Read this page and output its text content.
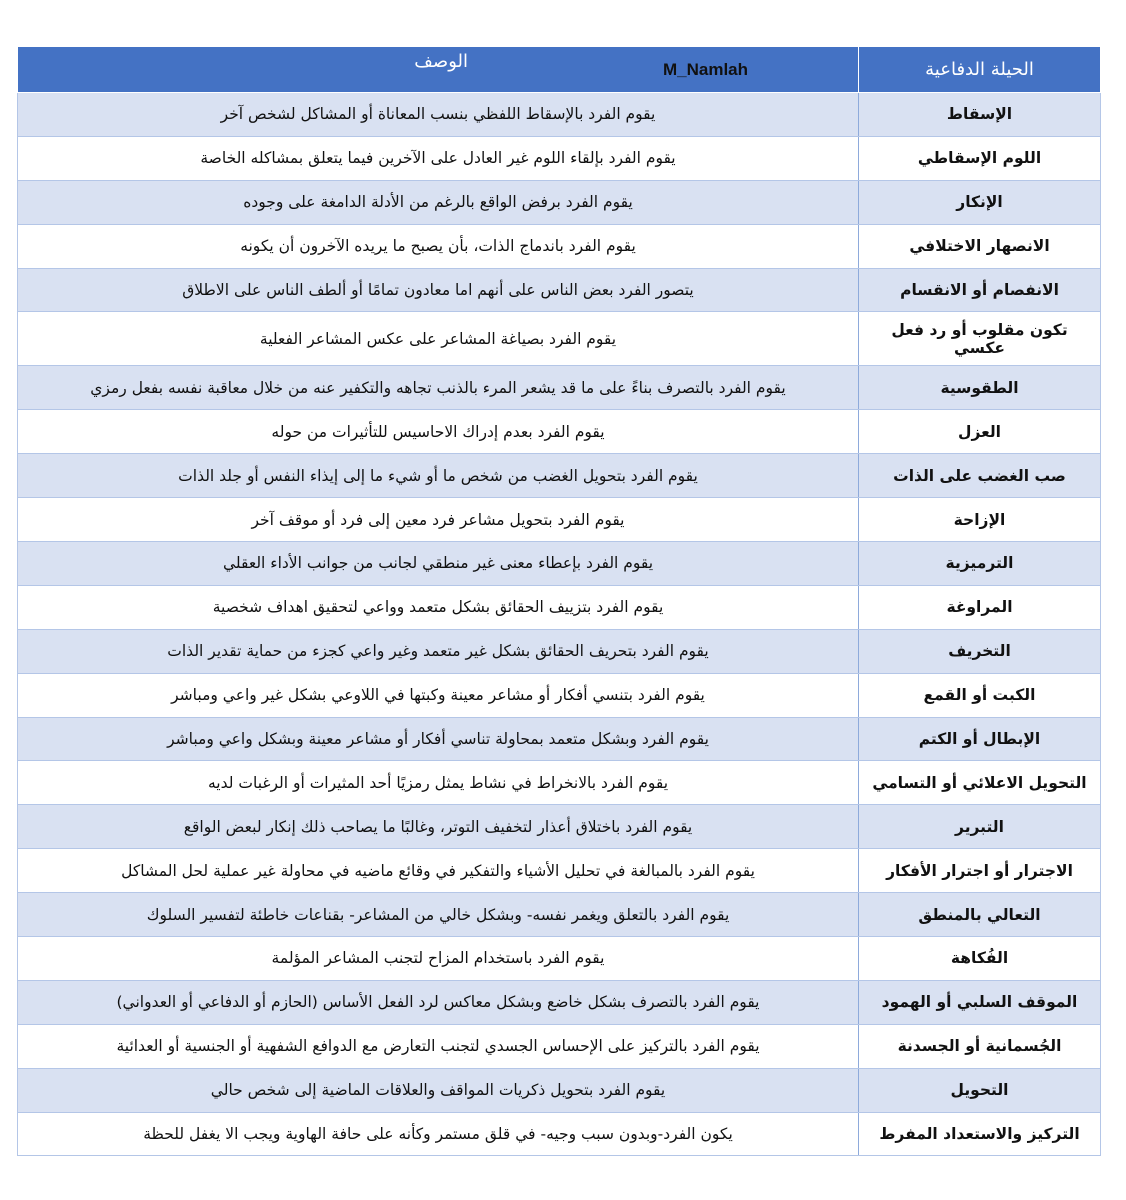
الحيلة الدفاعية	الوصف M_Namlah

الإسقاط	يقوم الفرد بالإسقاط اللفظي بنسب المعاناة أو المشاكل لشخص آخر
اللوم الإسقاطي	يقوم الفرد بإلقاء اللوم غير العادل على الآخرين فيما يتعلق بمشاكله الخاصة
الإنكار	يقوم الفرد برفض الواقع بالرغم من الأدلة الدامغة على وجوده
الانصهار الاختلافي	يقوم الفرد باندماج الذات، بأن يصبح ما يريده الآخرون أن يكونه
الانفصام أو الانقسام	يتصور الفرد بعض الناس على أنهم اما معادون تمامًا أو ألطف الناس على الاطلاق
تكون مقلوب أو رد فعل عكسي	يقوم الفرد بصياغة المشاعر على عكس المشاعر الفعلية
الطقوسية	يقوم الفرد بالتصرف بناءً على ما قد يشعر المرء بالذنب تجاهه والتكفير عنه من خلال معاقبة نفسه بفعل رمزي
العزل	يقوم الفرد بعدم إدراك الاحاسيس للتأثيرات من حوله
صب الغضب على الذات	يقوم الفرد بتحويل الغضب من شخص ما أو شيء ما إلى إيذاء النفس أو جلد الذات
الإزاحة	يقوم الفرد بتحويل مشاعر فرد معين إلى فرد أو موقف آخر
الترميزية	يقوم الفرد بإعطاء معنى غير منطقي لجانب من جوانب الأداء العقلي
المراوغة	يقوم الفرد بتزييف الحقائق بشكل متعمد وواعي لتحقيق اهداف شخصية
التخريف	يقوم الفرد بتحريف الحقائق بشكل غير متعمد وغير واعي كجزء من حماية تقدير الذات
الكبت أو القمع	يقوم الفرد بتنسي أفكار أو مشاعر معينة وكبتها في اللاوعي بشكل غير واعي ومباشر
الإبطال أو الكتم	يقوم الفرد وبشكل متعمد بمحاولة تناسي أفكار أو مشاعر معينة وبشكل واعي ومباشر
التحويل الاعلائي أو التسامي	يقوم الفرد بالانخراط في نشاط يمثل رمزيًا أحد المثيرات أو الرغبات لديه
التبرير	يقوم الفرد باختلاق أعذار لتخفيف التوتر، وغالبًا ما يصاحب ذلك إنكار لبعض الواقع
الاجترار أو اجترار الأفكار	يقوم الفرد بالمبالغة في تحليل الأشياء والتفكير في وقائع ماضيه في محاولة غير عملية لحل المشاكل
التعالي بالمنطق	يقوم الفرد بالتعلق ويغمر نفسه- وبشكل خالي من المشاعر- بقناعات خاطئة لتفسير السلوك
الفُكاهة	يقوم الفرد باستخدام المزاح لتجنب المشاعر المؤلمة
الموقف السلبي أو الهمود	يقوم الفرد بالتصرف بشكل خاضع وبشكل معاكس لرد الفعل الأساس (الحازم أو الدفاعي أو العدواني)
الجُسمانية أو الجسدنة	يقوم الفرد بالتركيز على الإحساس الجسدي لتجنب التعارض مع الدوافع الشفهية أو الجنسية أو العدائية
التحويل	يقوم الفرد بتحويل ذكريات المواقف والعلاقات الماضية إلى شخص حالي
التركيز والاستعداد المفرط	يكون الفرد-وبدون سبب وجيه- في قلق مستمر وكأنه على حافة الهاوية ويجب الا يغفل للحظة
